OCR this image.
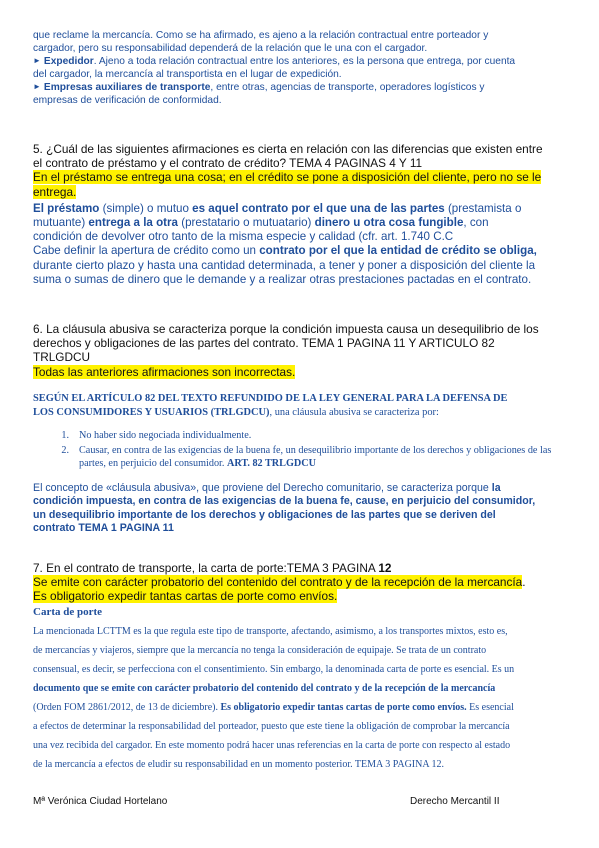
que reclame la mercancía. Como se ha afirmado, es ajeno a la relación contractual entre porteador y

cargador, pero su responsabilidad dependerá de la relación que le una con el cargador.

► Expedidor. Ajeno a toda relación contractual entre los anteriores, es la persona que entrega, por cuenta

del cargador, la mercancía al transportista en el lugar de expedición.

► Empresas auxiliares de transporte, entre otras, agencias de transporte, operadores logísticos y

empresas de verificación de conformidad.

5. ¿Cuál de las siguientes afirmaciones es cierta en relación con las diferencias que existen entre

el contrato de préstamo y el contrato de crédito? TEMA 4 PAGINAS 4 Y 11

En el préstamo se entrega una cosa; en el crédito se pone a disposición del cliente, pero no se le

entrega.

El préstamo (simple) o mutuo es aquel contrato por el que una de las partes (prestamista o
mutuante) entrega a la otra (prestatario o mutuatario) dinero u otra cosa fungible, con
condición de devolver otro tanto de la misma especie y calidad (cfr. art. 1.740 C.C
Cabe definir la apertura de crédito como un contrato por el que la entidad de crédito se obliga,
durante cierto plazo y hasta una cantidad determinada, a tener y poner a disposición del cliente la
suma o sumas de dinero que le demande y a realizar otras prestaciones pactadas en el contrato.

6. La cláusula abusiva se caracteriza porque la condición impuesta causa un desequilibrio de los

derechos y obligaciones de las partes del contrato. TEMA 1 PAGINA 11 Y ARTICULO 82

TRLGDCU

Todas las anteriores afirmaciones son incorrectas.

SEGÚN EL ARTÍCULO 82 DEL TEXTO REFUNDIDO DE LA LEY GENERAL PARA LA DEFENSA DE
LOS CONSUMIDORES Y USUARIOS (TRLGDCU), una cláusula abusiva se caracteriza por:
1. No haber sido negociada individualmente.
2. Causar, en contra de las exigencias de la buena fe, un desequilibrio importante de los derechos y obligaciones de las partes, en perjuicio del consumidor. ART. 82 TRLGDCU
El concepto de «cláusula abusiva», que proviene del Derecho comunitario, se caracteriza porque la
condición impuesta, en contra de las exigencias de la buena fe, cause, en perjuicio del consumidor,
un desequilibrio importante de los derechos y obligaciones de las partes que se deriven del
contrato TEMA 1 PAGINA 11

7. En el contrato de transporte, la carta de porte:TEMA 3 PAGINA 12

Se emite con carácter probatorio del contenido del contrato y de la recepción de la mercancía.

Es obligatorio expedir tantas cartas de porte como envíos.

Carta de porte

La mencionada LCTTM es la que regula este tipo de transporte, afectando, asimismo, a los transportes mixtos, esto es,

de mercancías y viajeros, siempre que la mercancía no tenga la consideración de equipaje. Se trata de un contrato

consensual, es decir, se perfecciona con el consentimiento. Sin embargo, la denominada carta de porte es esencial. Es un

documento que se emite con carácter probatorio del contenido del contrato y de la recepción de la mercancía

(Orden FOM 2861/2012, de 13 de diciembre). Es obligatorio expedir tantas cartas de porte como envíos. Es esencial

a efectos de determinar la responsabilidad del porteador, puesto que este tiene la obligación de comprobar la mercancía

una vez recibida del cargador. En este momento podrá hacer unas referencias en la carta de porte con respecto al estado

de la mercancía a efectos de eludir su responsabilidad en un momento posterior. TEMA 3 PAGINA 12.

Mª Verónica Ciudad Hortelano	Derecho Mercantil II
